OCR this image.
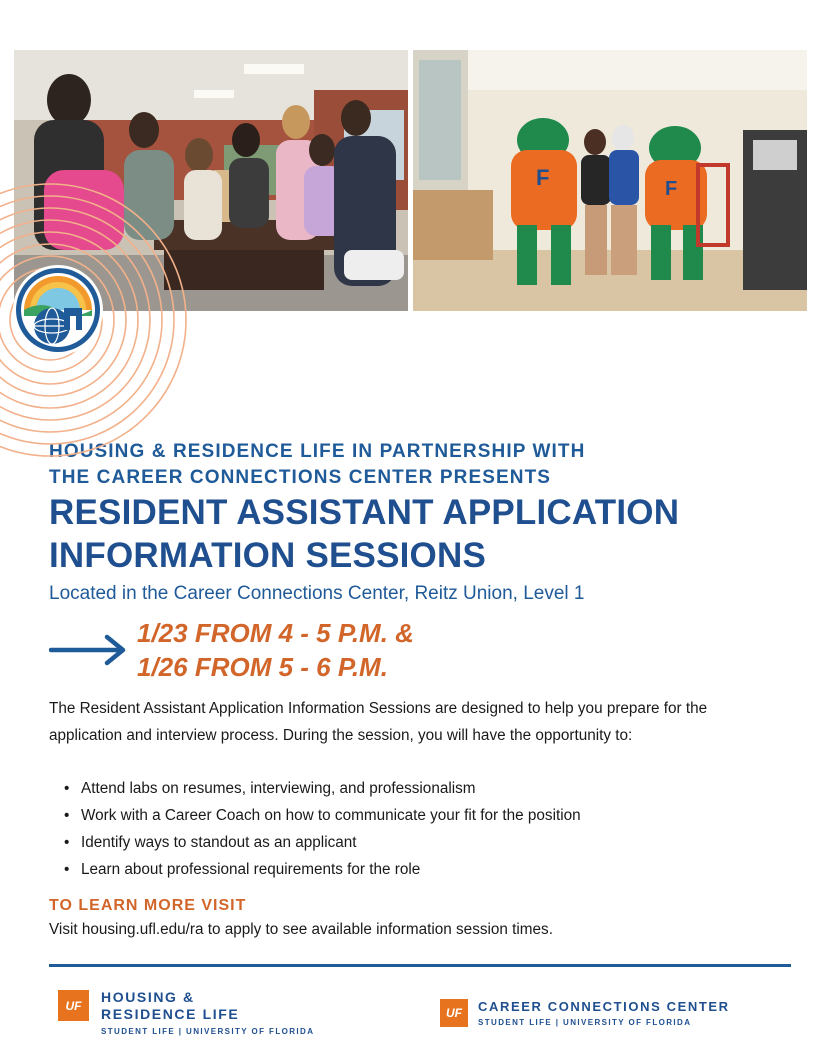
F	F
HOUSING & RESIDENCE LIFE IN PARTNERSHIP WITH
THE CAREER CONNECTIONS CENTER PRESENTS
RESIDENT ASSISTANT APPLICATION
INFORMATION SESSIONS
Located in the Career Connections Center, Reitz Union, Level 1
1/23 FROM 4 - 5 P.M. &
1/26 FROM 5 - 6 P.M.
The Resident Assistant Application Information Sessions are designed to help you prepare for the application and interview process. During the session, you will have the opportunity to:
• Attend labs on resumes, interviewing, and professionalism
• Work with a Career Coach on how to communicate your fit for the position
• Identify ways to standout as an applicant
• Learn about professional requirements for the role
TO LEARN MORE VISIT
Visit housing.ufl.edu/ra to apply to see available information session times.
UF
HOUSING &
RESIDENCE LIFE
STUDENT LIFE | UNIVERSITY OF FLORIDA
UF	CAREER CONNECTIONS CENTER
STUDENT LIFE | UNIVERSITY OF FLORIDA
